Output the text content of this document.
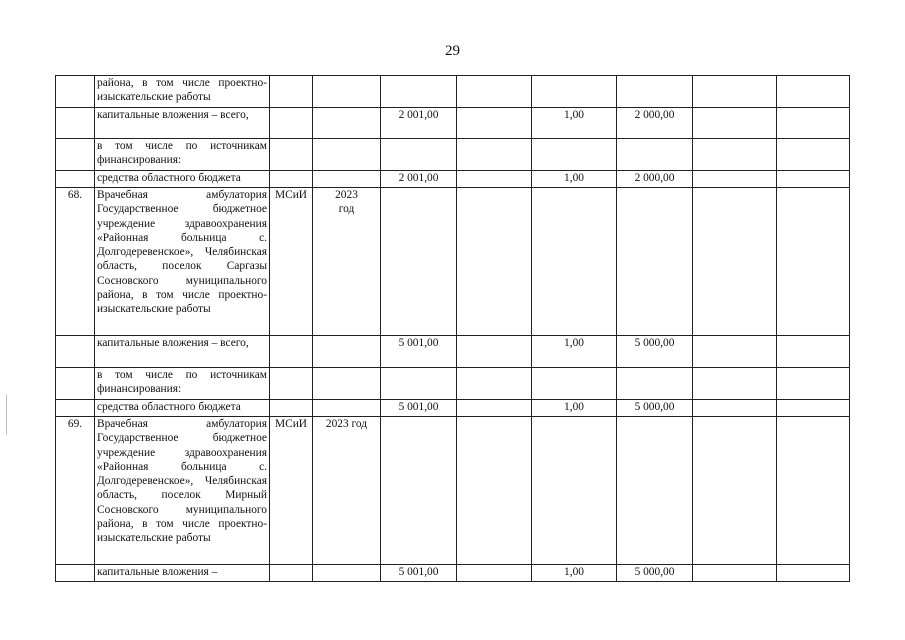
29
	района, в том числе проектно-изыскательские работы								
	капитальные вложения – всего,			2 001,00		1,00	2 000,00		
	в том числе по источникам финансирования:								
	средства областного бюджета			2 001,00		1,00	2 000,00		
68.	Врачебная амбулатория Государственное бюджетное учреждение здравоохранения «Районная больница с. Долгодеревенское», Челябинская область, поселок Саргазы Сосновского муниципального района, в том числе проектно-изыскательские работы	МСиИ	2023 год						
	капитальные вложения – всего,			5 001,00		1,00	5 000,00		
	в том числе по источникам финансирования:								
	средства областного бюджета			5 001,00		1,00	5 000,00		
69.	Врачебная амбулатория Государственное бюджетное учреждение здравоохранения «Районная больница с. Долгодеревенское», Челябинская область, поселок Мирный Сосновского муниципального района, в том числе проектно-изыскательские работы	МСиИ	2023 год						
	капитальные вложения –			5 001,00		1,00	5 000,00		
